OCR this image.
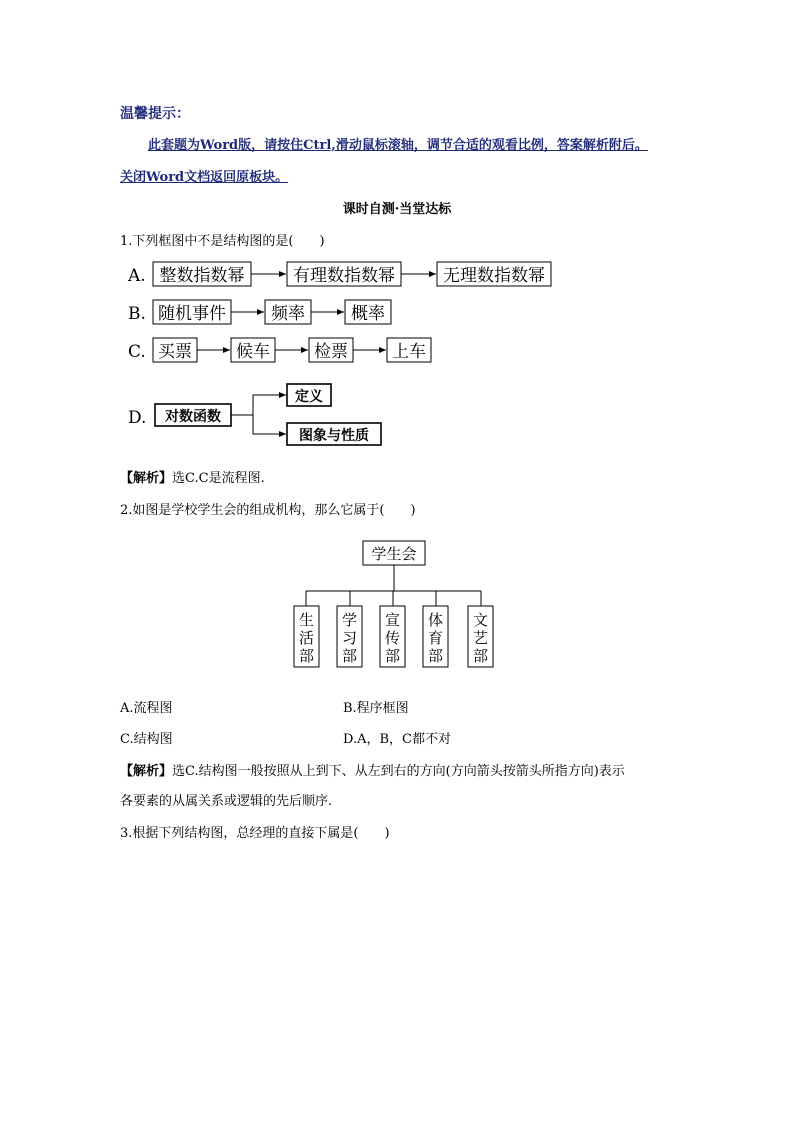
温馨提示：
此套题为Word版，请按住Ctrl,滑动鼠标滚轴，调节合适的观看比例，答案解析附后。
关闭Word文档返回原板块。
课时自测·当堂达标
1.下列框图中不是结构图的是(　　)
A. 整数指数幂	有理数指数幂	无理数指数幂
B. 随机事件	频率	概率
C. 买票	候车	检票	上车
D. 对数函数
定义
图象与性质
【解析】选C.C是流程图.
2.如图是学校学生会的组成机构，那么它属于(　　)
学生会
生
活
部
学
习
部
宣
传
部
体
育
部
文
艺
部
A.流程图	B.程序框图
C.结构图	D.A，B，C都不对
【解析】选C.结构图一般按照从上到下、从左到右的方向(方向箭头按箭头所指方向)表示
各要素的从属关系或逻辑的先后顺序.
3.根据下列结构图，总经理的直接下属是(　　)
